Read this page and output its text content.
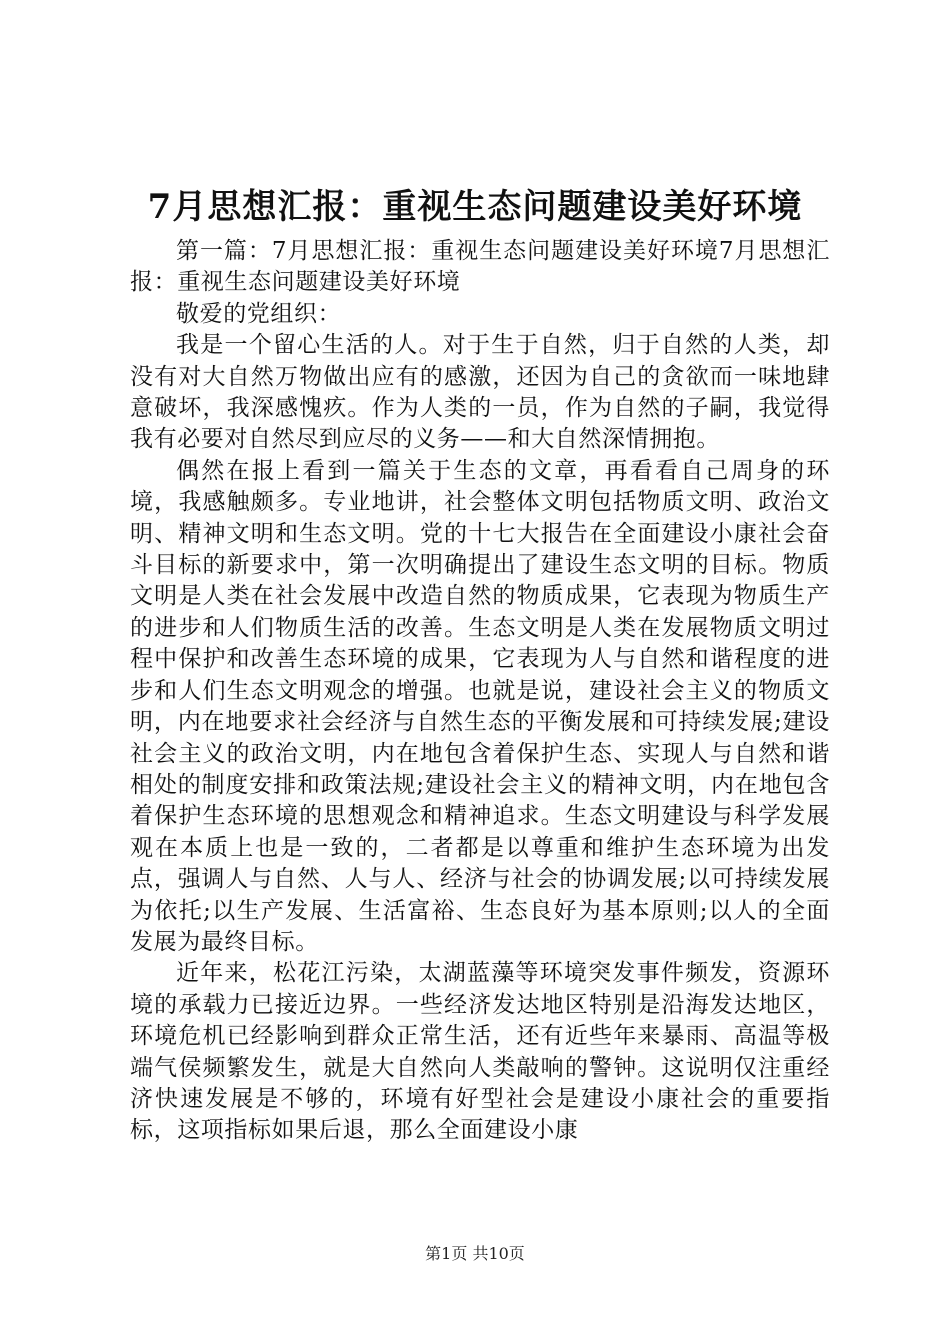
7月思想汇报：重视生态问题建设美好环境

第一篇：7月思想汇报：重视生态问题建设美好环境7月思想汇报：重视生态问题建设美好环境

敬爱的党组织：

我是一个留心生活的人。对于生于自然，归于自然的人类，却没有对大自然万物做出应有的感激，还因为自己的贪欲而一味地肆意破坏，我深感愧疚。作为人类的一员，作为自然的子嗣，我觉得我有必要对自然尽到应尽的义务——和大自然深情拥抱。

偶然在报上看到一篇关于生态的文章，再看看自己周身的环境，我感触颇多。专业地讲，社会整体文明包括物质文明、政治文明、精神文明和生态文明。党的十七大报告在全面建设小康社会奋斗目标的新要求中，第一次明确提出了建设生态文明的目标。物质文明是人类在社会发展中改造自然的物质成果，它表现为物质生产的进步和人们物质生活的改善。生态文明是人类在发展物质文明过程中保护和改善生态环境的成果，它表现为人与自然和谐程度的进步和人们生态文明观念的增强。也就是说，建设社会主义的物质文明，内在地要求社会经济与自然生态的平衡发展和可持续发展;建设社会主义的政治文明，内在地包含着保护生态、实现人与自然和谐相处的制度安排和政策法规;建设社会主义的精神文明，内在地包含着保护生态环境的思想观念和精神追求。生态文明建设与科学发展观在本质上也是一致的，二者都是以尊重和维护生态环境为出发点，强调人与自然、人与人、经济与社会的协调发展;以可持续发展为依托;以生产发展、生活富裕、生态良好为基本原则;以人的全面发展为最终目标。

近年来，松花江污染，太湖蓝藻等环境突发事件频发，资源环境的承载力已接近边界。一些经济发达地区特别是沿海发达地区，环境危机已经影响到群众正常生活，还有近些年来暴雨、高温等极端气侯频繁发生，就是大自然向人类敲响的警钟。这说明仅注重经济快速发展是不够的，环境有好型社会是建设小康社会的重要指标，这项指标如果后退，那么全面建设小康

第1页 共10页
